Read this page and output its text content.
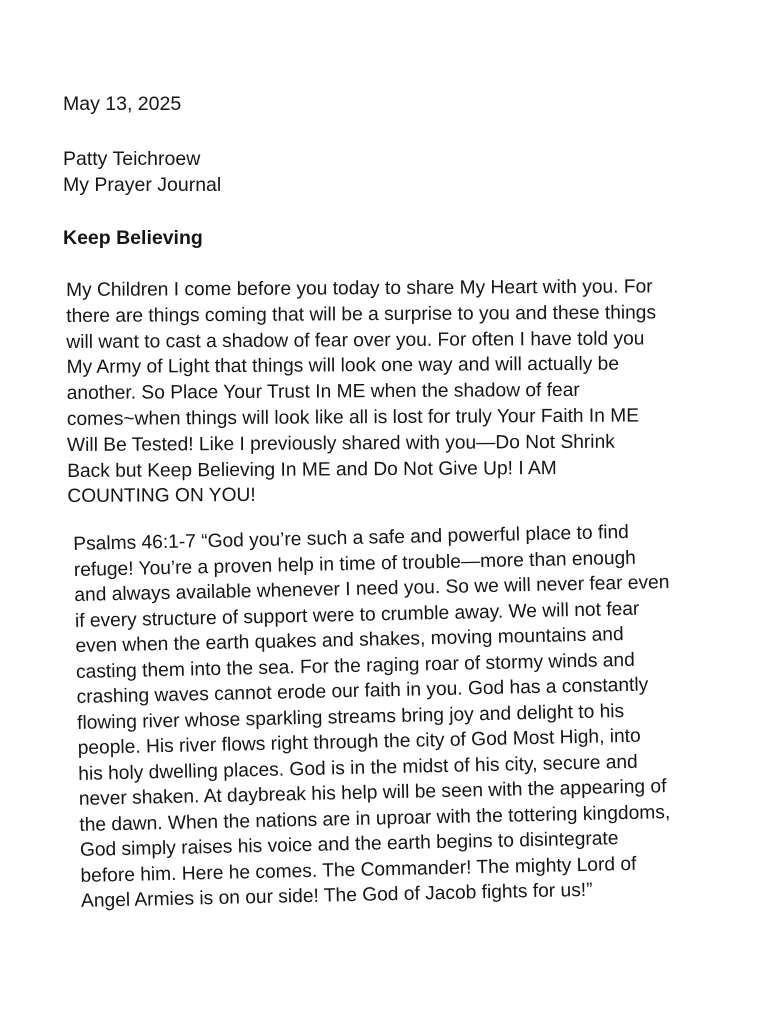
May 13, 2025
Patty Teichroew
My Prayer Journal
Keep Believing
My Children I come before you today to share My Heart with you. For
there are things coming that will be a surprise to you and these things
will want to cast a shadow of fear over you. For often I have told you
My Army of Light that things will look one way and will actually be
another. So Place Your Trust In ME when the shadow of fear
comes~when things will look like all is lost for truly Your Faith In ME
Will Be Tested! Like I previously shared with you—Do Not Shrink
Back but Keep Believing In ME and Do Not Give Up! I AM
COUNTING ON YOU!
Psalms 46:1-7 “God you’re such a safe and powerful place to find
refuge! You’re a proven help in time of trouble—more than enough
and always available whenever I need you. So we will never fear even
if every structure of support were to crumble away. We will not fear
even when the earth quakes and shakes, moving mountains and
casting them into the sea. For the raging roar of stormy winds and
crashing waves cannot erode our faith in you. God has a constantly
flowing river whose sparkling streams bring joy and delight to his
people. His river flows right through the city of God Most High, into
his holy dwelling places. God is in the midst of his city, secure and
never shaken. At daybreak his help will be seen with the appearing of
the dawn. When the nations are in uproar with the tottering kingdoms,
God simply raises his voice and the earth begins to disintegrate
before him. Here he comes. The Commander! The mighty Lord of
Angel Armies is on our side! The God of Jacob fights for us!”
